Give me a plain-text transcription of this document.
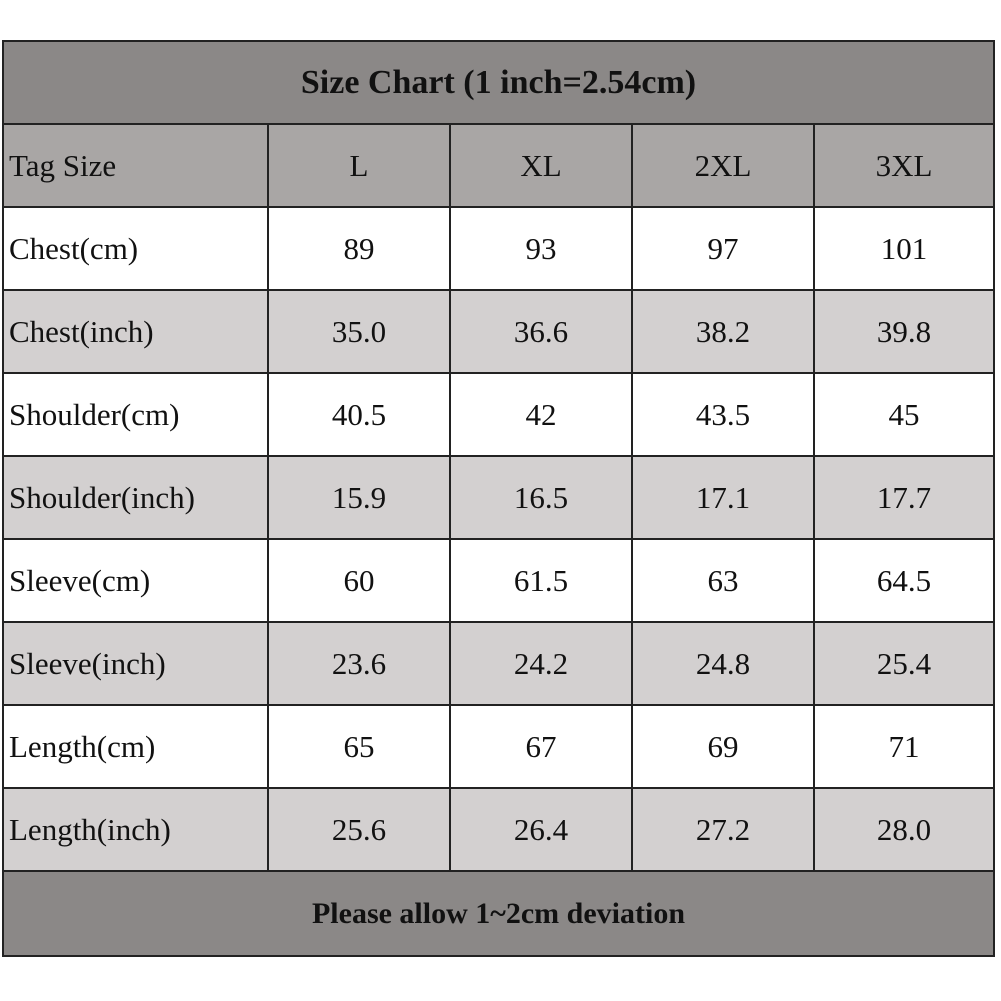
Size Chart (1 inch=2.54cm)
Tag Size	L	XL	2XL	3XL
Chest(cm)	89	93	97	101
Chest(inch)	35.0	36.6	38.2	39.8
Shoulder(cm)	40.5	42	43.5	45
Shoulder(inch)	15.9	16.5	17.1	17.7
Sleeve(cm)	60	61.5	63	64.5
Sleeve(inch)	23.6	24.2	24.8	25.4
Length(cm)	65	67	69	71
Length(inch)	25.6	26.4	27.2	28.0
Please allow 1~2cm deviation
